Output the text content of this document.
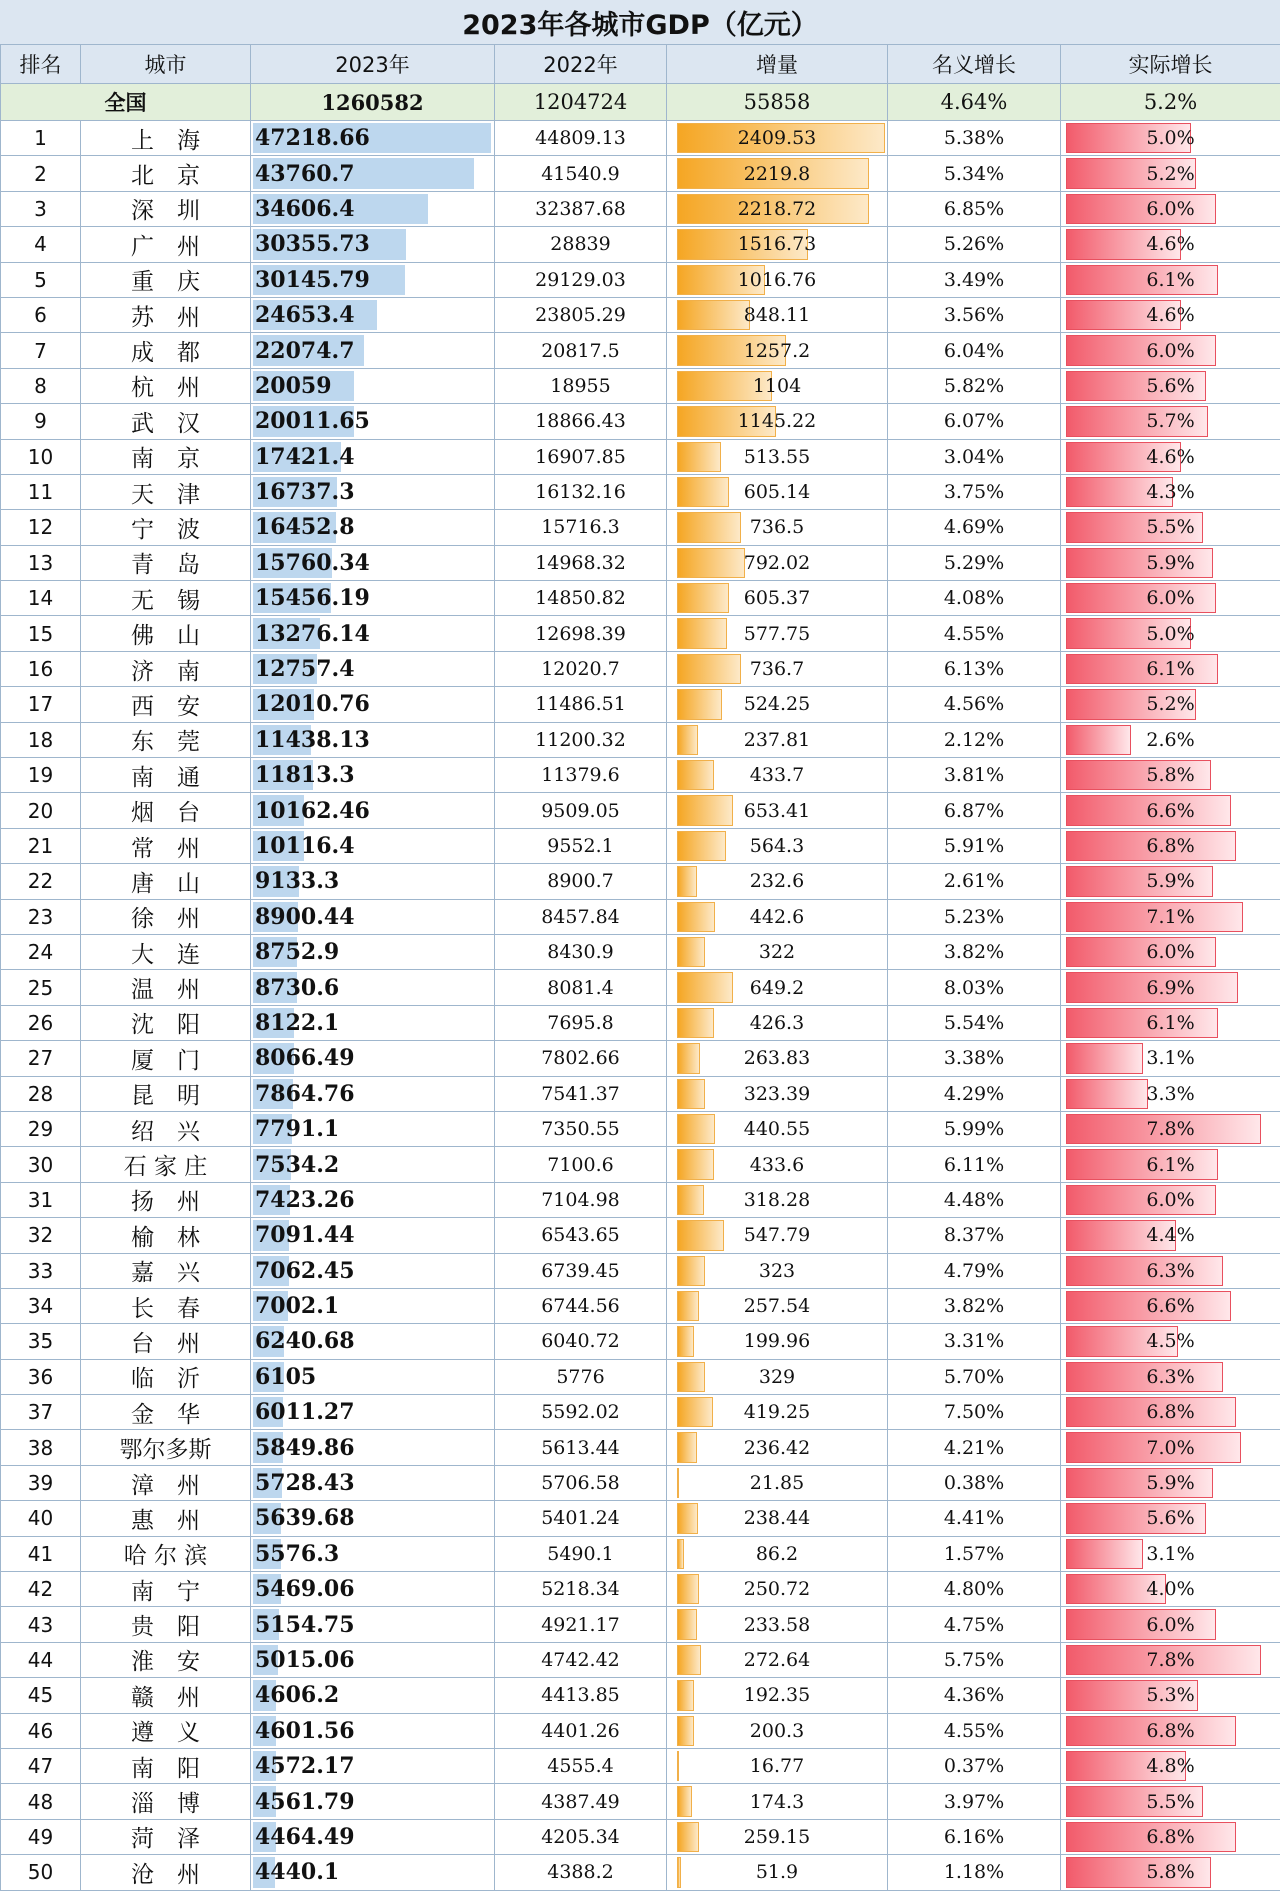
2023年各城市GDP（亿元）
排名	城市	2023年	2022年	增量	名义增长	实际增长
全国		1260582	1204724	55858	4.64%	5.2%
1	上　海	47218.66	44809.13	2409.53	5.38%	5.0%

2	北　京	43760.7	41540.9	2219.8	5.34%	5.2%

3	深　圳	34606.4	32387.68	2218.72	6.85%	6.0%

4	广　州	30355.73	28839	1516.73	5.26%	4.6%

5	重　庆	30145.79	29129.03	1016.76	3.49%	6.1%

6	苏　州	24653.4	23805.29	848.11	3.56%	4.6%

7	成　都	22074.7	20817.5	1257.2	6.04%	6.0%

8	杭　州	20059	18955	1104	5.82%	5.6%

9	武　汉	20011.65	18866.43	1145.22	6.07%	5.7%

10	南　京	17421.4	16907.85	513.55	3.04%	4.6%

11	天　津	16737.3	16132.16	605.14	3.75%	4.3%

12	宁　波	16452.8	15716.3	736.5	4.69%	5.5%

13	青　岛	15760.34	14968.32	792.02	5.29%	5.9%

14	无　锡	15456.19	14850.82	605.37	4.08%	6.0%

15	佛　山	13276.14	12698.39	577.75	4.55%	5.0%

16	济　南	12757.4	12020.7	736.7	6.13%	6.1%

17	西　安	12010.76	11486.51	524.25	4.56%	5.2%

18	东　莞	11438.13	11200.32	237.81	2.12%	2.6%

19	南　通	11813.3	11379.6	433.7	3.81%	5.8%

20	烟　台	10162.46	9509.05	653.41	6.87%	6.6%

21	常　州	10116.4	9552.1	564.3	5.91%	6.8%

22	唐　山	9133.3	8900.7	232.6	2.61%	5.9%

23	徐　州	8900.44	8457.84	442.6	5.23%	7.1%

24	大　连	8752.9	8430.9	322	3.82%	6.0%

25	温　州	8730.6	8081.4	649.2	8.03%	6.9%

26	沈　阳	8122.1	7695.8	426.3	5.54%	6.1%

27	厦　门	8066.49	7802.66	263.83	3.38%	3.1%

28	昆　明	7864.76	7541.37	323.39	4.29%	3.3%

29	绍　兴	7791.1	7350.55	440.55	5.99%	7.8%

30	石 家 庄	7534.2	7100.6	433.6	6.11%	6.1%

31	扬　州	7423.26	7104.98	318.28	4.48%	6.0%

32	榆　林	7091.44	6543.65	547.79	8.37%	4.4%

33	嘉　兴	7062.45	6739.45	323	4.79%	6.3%

34	长　春	7002.1	6744.56	257.54	3.82%	6.6%

35	台　州	6240.68	6040.72	199.96	3.31%	4.5%

36	临　沂	6105	5776	329	5.70%	6.3%

37	金　华	6011.27	5592.02	419.25	7.50%	6.8%

38	鄂尔多斯	5849.86	5613.44	236.42	4.21%	7.0%

39	漳　州	5728.43	5706.58	21.85	0.38%	5.9%

40	惠　州	5639.68	5401.24	238.44	4.41%	5.6%

41	哈 尔 滨	5576.3	5490.1	86.2	1.57%	3.1%

42	南　宁	5469.06	5218.34	250.72	4.80%	4.0%

43	贵　阳	5154.75	4921.17	233.58	4.75%	6.0%

44	淮　安	5015.06	4742.42	272.64	5.75%	7.8%

45	赣　州	4606.2	4413.85	192.35	4.36%	5.3%

46	遵　义	4601.56	4401.26	200.3	4.55%	6.8%

47	南　阳	4572.17	4555.4	16.77	0.37%	4.8%

48	淄　博	4561.79	4387.49	174.3	3.97%	5.5%

49	菏　泽	4464.49	4205.34	259.15	6.16%	6.8%

50	沧　州	4440.1	4388.2	51.9	1.18%	5.8%
